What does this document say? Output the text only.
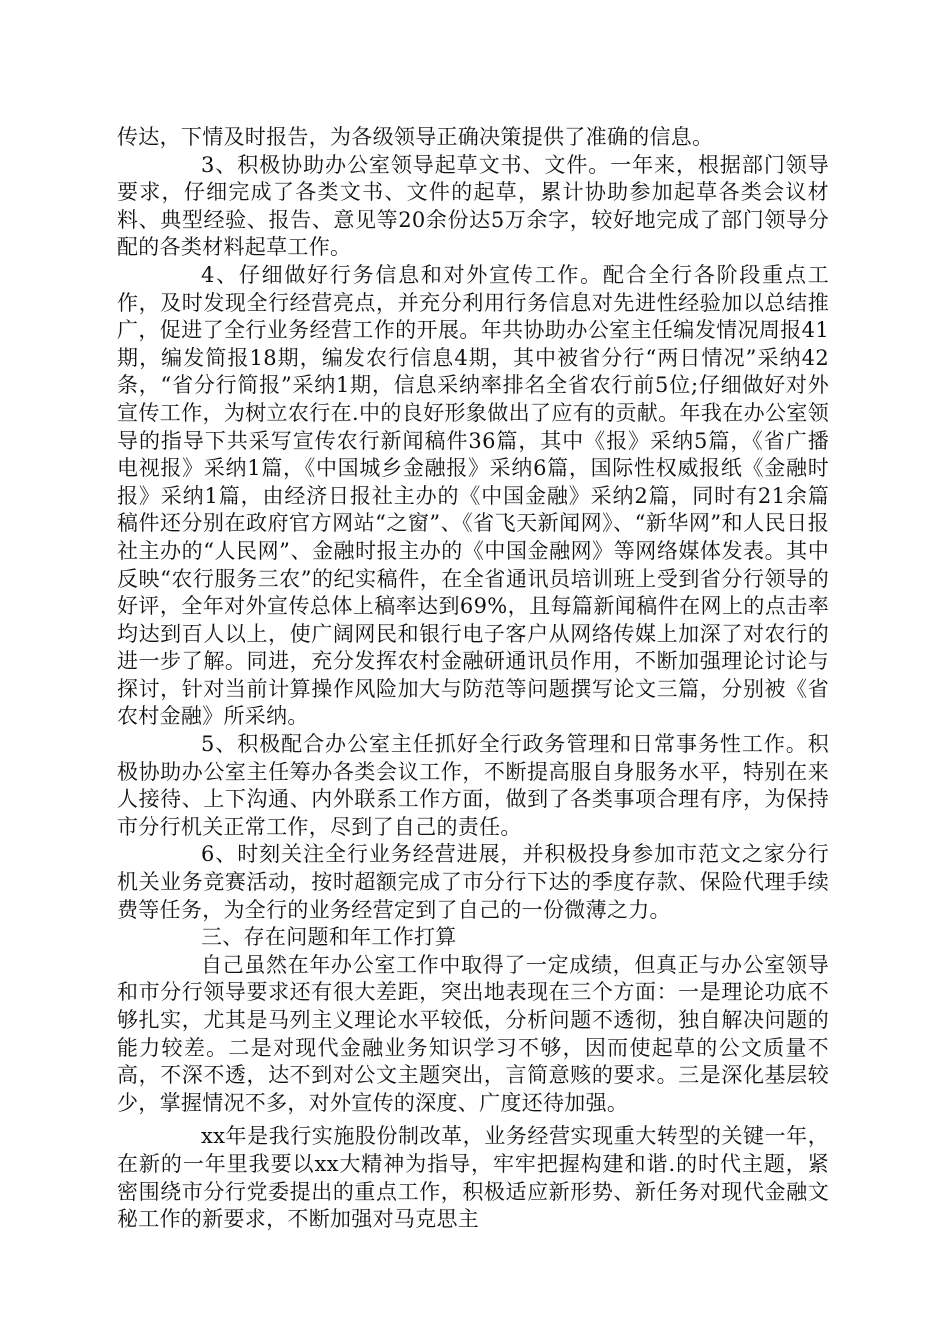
传达，下情及时报告，为各级领导正确决策提供了准确的信息。

3、积极协助办公室领导起草文书、文件。一年来，根据部门领导要求，仔细完成了各类文书、文件的起草，累计协助参加起草各类会议材料、典型经验、报告、意见等20余份达5万余字，较好地完成了部门领导分配的各类材料起草工作。

4、仔细做好行务信息和对外宣传工作。配合全行各阶段重点工作，及时发现全行经营亮点，并充分利用行务信息对先进性经验加以总结推广，促进了全行业务经营工作的开展。年共协助办公室主任编发情况周报41期，编发简报18期，编发农行信息4期，其中被省分行“两日情况”采纳42条，“省分行简报”采纳1期，信息采纳率排名全省农行前5位;仔细做好对外宣传工作，为树立农行在.中的良好形象做出了应有的贡献。年我在办公室领导的指导下共采写宣传农行新闻稿件36篇，其中《报》采纳5篇，《省广播电视报》采纳1篇，《中国城乡金融报》采纳6篇，国际性权威报纸《金融时报》采纳1篇，由经济日报社主办的《中国金融》采纳2篇，同时有21余篇稿件还分别在政府官方网站“之窗”、《省飞天新闻网》、“新华网”和人民日报社主办的“人民网”、金融时报主办的《中国金融网》等网络媒体发表。其中反映“农行服务三农”的纪实稿件，在全省通讯员培训班上受到省分行领导的好评，全年对外宣传总体上稿率达到69%，且每篇新闻稿件在网上的点击率均达到百人以上，使广阔网民和银行电子客户从网络传媒上加深了对农行的进一步了解。同进，充分发挥农村金融研通讯员作用，不断加强理论讨论与探讨，针对当前计算操作风险加大与防范等问题撰写论文三篇，分别被《省农村金融》所采纳。

5、积极配合办公室主任抓好全行政务管理和日常事务性工作。积极协助办公室主任筹办各类会议工作，不断提高服自身服务水平，特别在来人接待、上下沟通、内外联系工作方面，做到了各类事项合理有序，为保持市分行机关正常工作，尽到了自己的责任。

6、时刻关注全行业务经营进展，并积极投身参加市范文之家分行机关业务竞赛活动，按时超额完成了市分行下达的季度存款、保险代理手续费等任务，为全行的业务经营定到了自己的一份微薄之力。

三、存在问题和年工作打算

自己虽然在年办公室工作中取得了一定成绩，但真正与办公室领导和市分行领导要求还有很大差距，突出地表现在三个方面：一是理论功底不够扎实，尤其是马列主义理论水平较低，分析问题不透彻，独自解决问题的能力较差。二是对现代金融业务知识学习不够，因而使起草的公文质量不高，不深不透，达不到对公文主题突出，言简意赅的要求。三是深化基层较少，掌握情况不多，对外宣传的深度、广度还待加强。

xx年是我行实施股份制改革，业务经营实现重大转型的关键一年，在新的一年里我要以xx大精神为指导，牢牢把握构建和谐.的时代主题，紧密围绕市分行党委提出的重点工作，积极适应新形势、新任务对现代金融文秘工作的新要求，不断加强对马克思主
